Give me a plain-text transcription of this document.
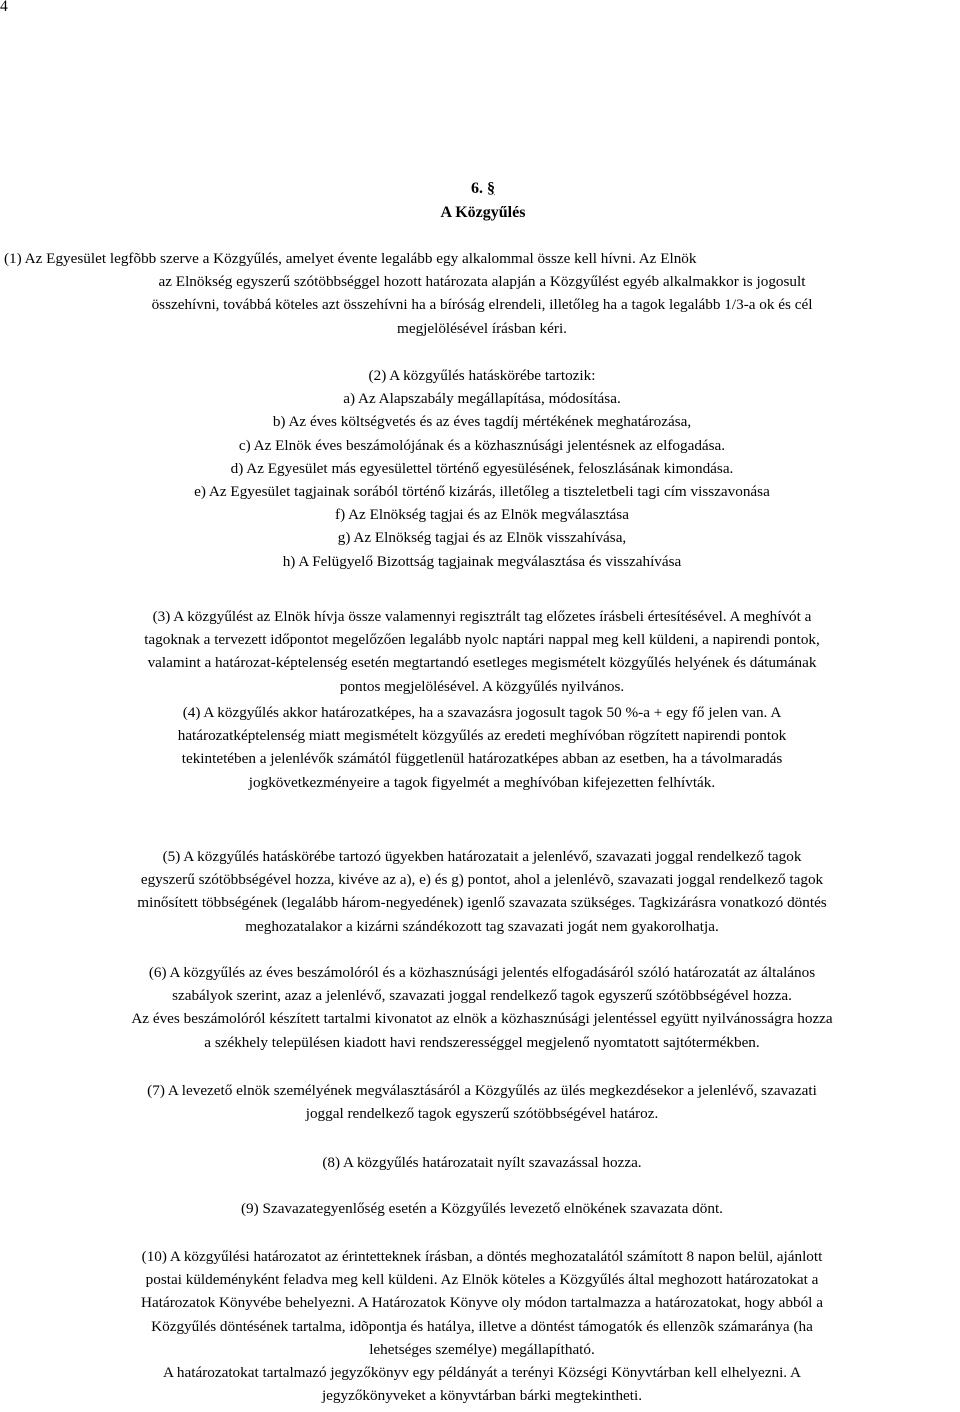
4
6. §
A Közgyűlés
(1) Az Egyesület legfõbb szerve a Közgyűlés, amelyet évente legalább egy alkalommal össze kell hívni. Az Elnök
az Elnökség egyszerű szótöbbséggel hozott határozata alapján a Közgyűlést egyéb alkalmakkor is jogosult
összehívni, továbbá köteles azt összehívni ha a bíróság elrendeli, illetőleg ha a tagok legalább 1/3-a ok és cél
megjelölésével írásban kéri.
(2) A közgyűlés hatáskörébe tartozik:
a) Az Alapszabály megállapítása, módosítása.
b) Az éves költségvetés és az éves tagdíj mértékének meghatározása,
c) Az Elnök éves beszámolójának és a közhasznúsági jelentésnek az elfogadása.
d) Az Egyesület más egyesülettel történő egyesülésének, feloszlásának kimondása.
e) Az Egyesület tagjainak sorából történő kizárás, illetőleg a tiszteletbeli tagi cím visszavonása
f) Az Elnökség tagjai és az Elnök megválasztása
g) Az Elnökség tagjai és az Elnök visszahívása,
h) A Felügyelő Bizottság tagjainak megválasztása és visszahívása
(3) A közgyűlést az Elnök hívja össze valamennyi regisztrált tag előzetes írásbeli értesítésével. A meghívót a
tagoknak a tervezett időpontot megelőzően legalább nyolc naptári nappal meg kell küldeni, a napirendi pontok,
valamint a határozat-képtelenség esetén megtartandó esetleges megismételt közgyűlés helyének és dátumának
pontos megjelölésével. A közgyűlés nyilvános.
(4) A közgyűlés akkor határozatképes, ha a szavazásra jogosult tagok 50 %-a + egy fő jelen van. A
határozatképtelenség miatt megismételt közgyűlés az eredeti meghívóban rögzített napirendi pontok
tekintetében a jelenlévők számától függetlenül határozatképes abban az esetben, ha a távolmaradás
jogkövetkezményeire a tagok figyelmét a meghívóban kifejezetten felhívták.
(5) A közgyűlés hatáskörébe tartozó ügyekben határozatait a jelenlévő, szavazati joggal rendelkező tagok
egyszerű szótöbbségével hozza, kivéve az a), e) és g) pontot, ahol a jelenlévõ, szavazati joggal rendelkező tagok
minősített többségének (legalább három-negyedének) igenlő szavazata szükséges. Tagkizárásra vonatkozó döntés
meghozatalakor a kizárni szándékozott tag szavazati jogát nem gyakorolhatja.
(6) A közgyűlés az éves beszámolóról és a közhasznúsági jelentés elfogadásáról szóló határozatát az általános
szabályok szerint, azaz a jelenlévő, szavazati joggal rendelkező tagok egyszerű szótöbbségével hozza.
Az éves beszámolóról készített tartalmi kivonatot az elnök a közhasznúsági jelentéssel együtt nyilvánosságra hozza
a székhely településen kiadott havi rendszerességgel megjelenő nyomtatott sajtótermékben.
(7) A levezető elnök személyének megválasztásáról a Közgyűlés az ülés megkezdésekor a jelenlévő, szavazati
joggal rendelkező tagok egyszerű szótöbbségével határoz.
(8) A közgyűlés határozatait nyílt szavazással hozza.
(9) Szavazategyenlőség esetén a Közgyűlés levezető elnökének szavazata dönt.
(10) A közgyűlési határozatot az érintetteknek írásban, a döntés meghozatalától számított 8 napon belül, ajánlott
postai küldeményként feladva meg kell küldeni. Az Elnök köteles a Közgyűlés által meghozott határozatokat a
Határozatok Könyvébe behelyezni. A Határozatok Könyve oly módon tartalmazza a határozatokat, hogy abból a
Közgyűlés döntésének tartalma, idõpontja és hatálya, illetve a döntést támogatók és ellenzõk számaránya (ha
lehetséges személye) megállapítható.
A határozatokat tartalmazó jegyzőkönyv egy példányát a terényi Községi Könyvtárban kell elhelyezni. A
jegyzőkönyveket a könyvtárban bárki megtekintheti.
